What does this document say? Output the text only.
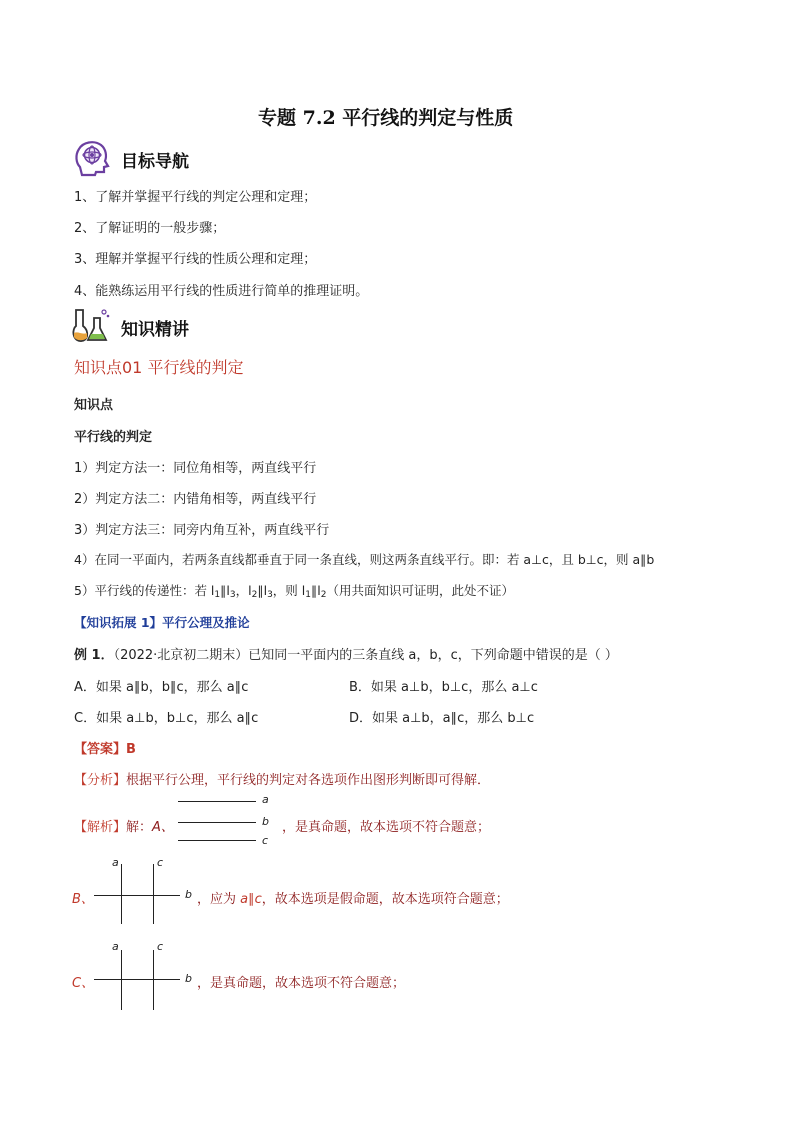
专题 7.2 平行线的判定与性质
目标导航
1、了解并掌握平行线的判定公理和定理；
2、了解证明的一般步骤；
3、理解并掌握平行线的性质公理和定理；
4、能熟练运用平行线的性质进行简单的推理证明。
知识精讲
知识点01 平行线的判定
知识点
平行线的判定
1）判定方法一：同位角相等，两直线平行
2）判定方法二：内错角相等，两直线平行
3）判定方法三：同旁内角互补，两直线平行
4）在同一平面内，若两条直线都垂直于同一条直线，则这两条直线平行。即：若 a⊥c，且 b⊥c，则 a∥b
5）平行线的传递性：若 $l_1\parallel l_3$，$l_2\parallel l_3$，则 $l_1\parallel l_2$（用共面知识可证明，此处不证）
【知识拓展 1】平行公理及推论
例 1．（2022·北京初二期末）已知同一平面内的三条直线 a，b，c，下列命题中错误的是（ ）
A．如果 a∥b，b∥c，那么 a∥c	B．如果 a⊥b，b⊥c，那么 a⊥c
C．如果 a⊥b，b⊥c，那么 a∥c	D．如果 a⊥b，a∥c，那么 b⊥c
【答案】B
【分析】根据平行公理，平行线的判定对各选项作出图形判断即可得解．
【解析】解：A、
a
b
c
，是真命题，故本选项不符合题意；
a	c
b
B、	，应为 a∥c，故本选项是假命题，故本选项符合题意；
a	c
b
C、	，是真命题，故本选项不符合题意；
